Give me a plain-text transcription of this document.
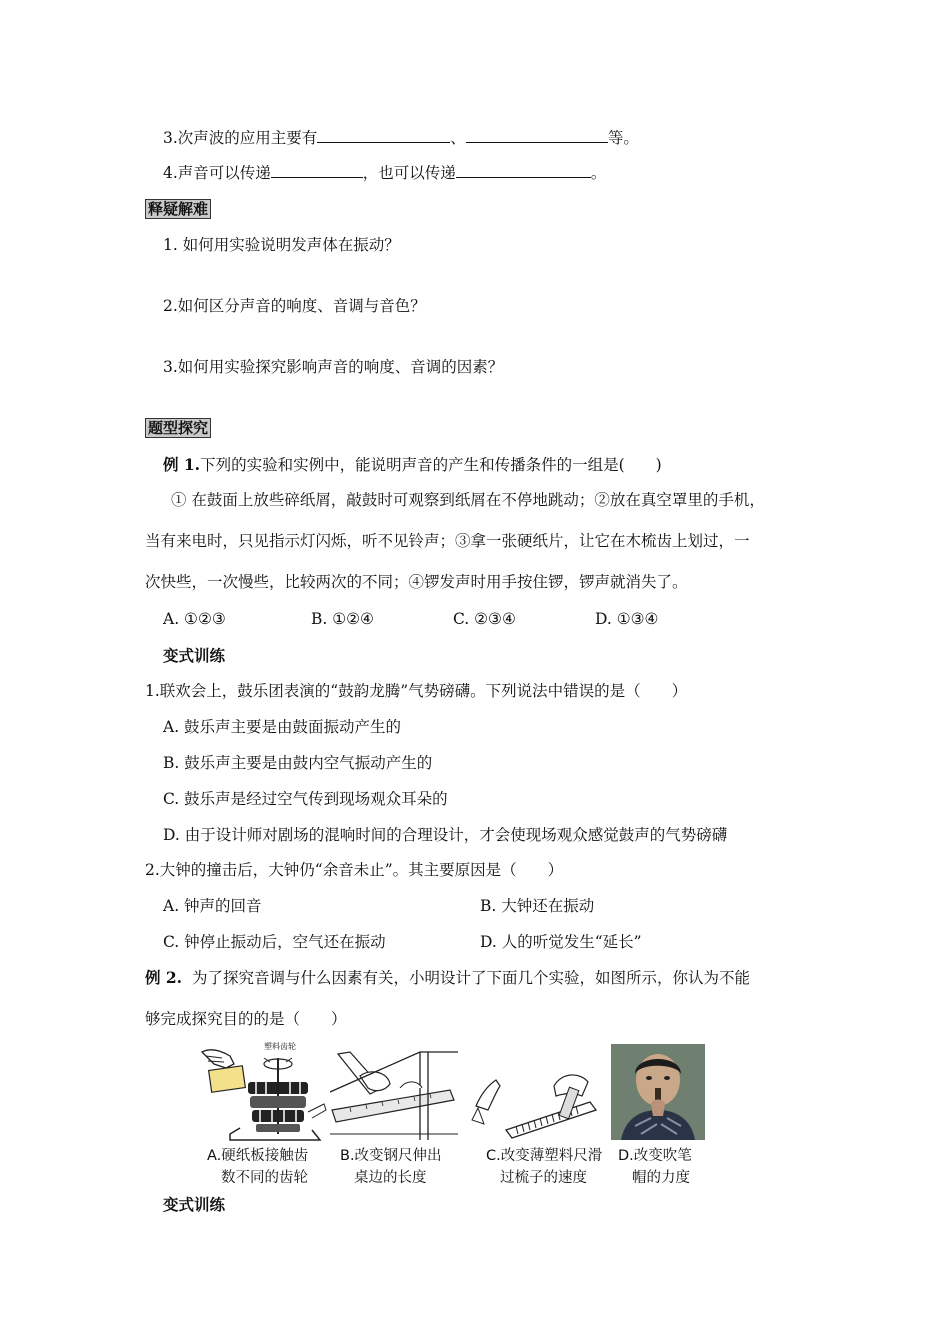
3.次声波的应用主要有	、	等。
4.声音可以传递	，也可以传递	。
释疑解难
1. 如何用实验说明发声体在振动？
2.如何区分声音的响度、音调与音色？
3.如何用实验探究影响声音的响度、音调的因素？
题型探究
例 1.下列的实验和实例中，能说明声音的产生和传播条件的一组是(　　)
① 在鼓面上放些碎纸屑，敲鼓时可观察到纸屑在不停地跳动；②放在真空罩里的手机，
当有来电时，只见指示灯闪烁，听不见铃声；③拿一张硬纸片，让它在木梳齿上划过，一
次快些，一次慢些，比较两次的不同；④锣发声时用手按住锣，锣声就消失了。
A. ①②③	B. ①②④	C. ②③④	D. ①③④
变式训练
1.联欢会上，鼓乐团表演的“鼓韵龙腾”气势磅礴。下列说法中错误的是（　　）
A. 鼓乐声主要是由鼓面振动产生的
B. 鼓乐声主要是由鼓内空气振动产生的
C. 鼓乐声是经过空气传到现场观众耳朵的
D. 由于设计师对剧场的混响时间的合理设计，才会使现场观众感觉鼓声的气势磅礴
2.大钟的撞击后，大钟仍“余音未止”。其主要原因是（　　）
A. 钟声的回音	B. 大钟还在振动
C. 钟停止振动后，空气还在振动	D. 人的听觉发生“延长”
例 2. 为了探究音调与什么因素有关，小明设计了下面几个实验，如图所示，你认为不能
够完成探究目的的是（　　）
塑料齿轮
A.硬纸板接触齿
数不同的齿轮
B.改变钢尺伸出
桌边的长度
C.改变薄塑料尺滑
过梳子的速度
D.改变吹笔
帽的力度
变式训练
